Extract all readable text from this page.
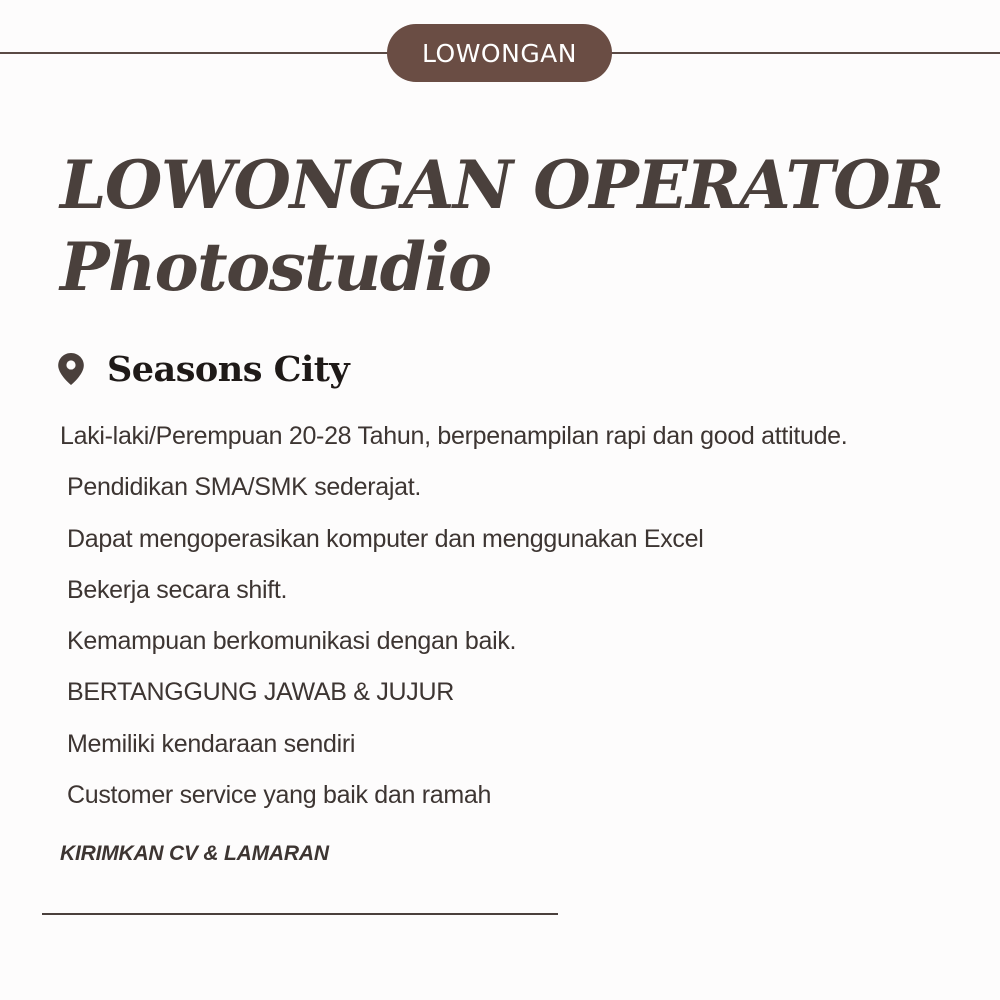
LOWONGAN
LOWONGAN OPERATOR
Photostudio
Seasons City
Laki-laki/Perempuan 20-28 Tahun, berpenampilan rapi dan good attitude.
Pendidikan SMA/SMK sederajat.
Dapat mengoperasikan komputer dan menggunakan Excel
Bekerja secara shift.
Kemampuan berkomunikasi dengan baik.
BERTANGGUNG JAWAB & JUJUR
Memiliki kendaraan sendiri
Customer service yang baik dan ramah
KIRIMKAN CV & LAMARAN
